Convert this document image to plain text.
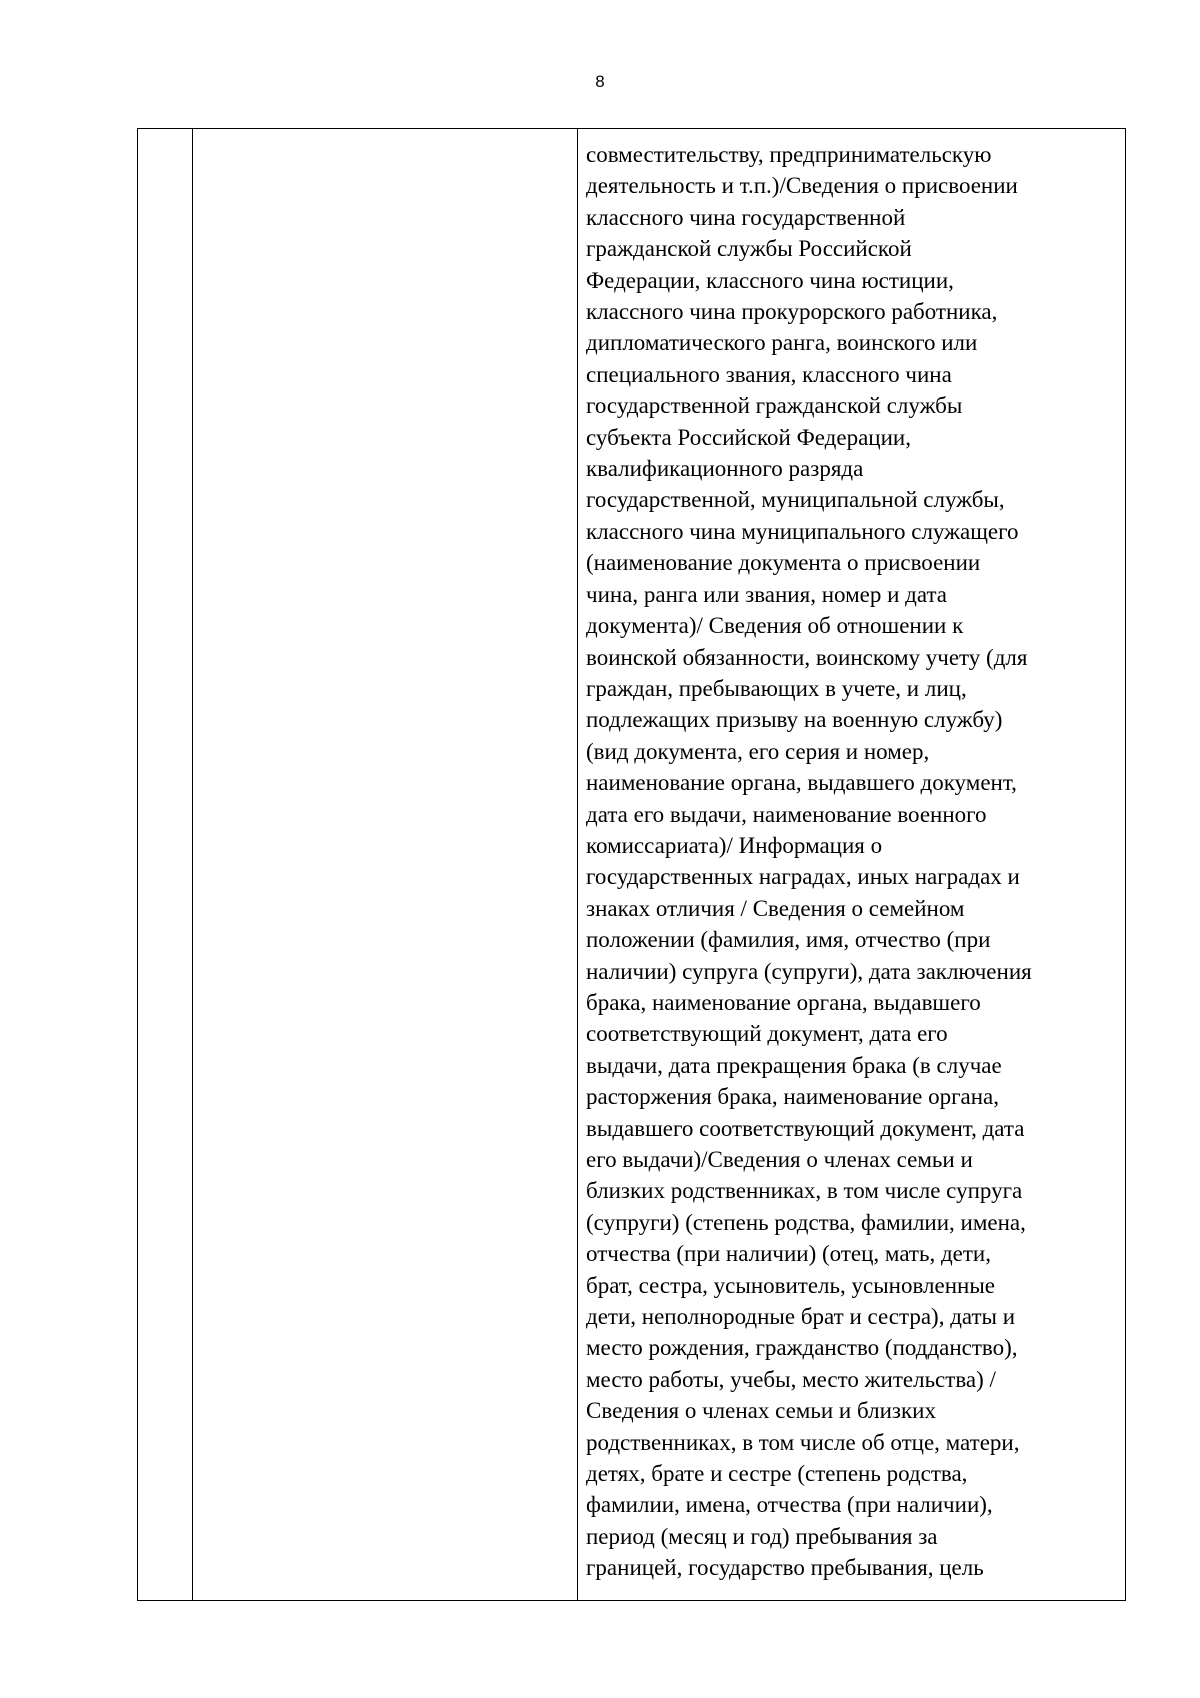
8

совместительству, предпринимательскую
деятельность и т.п.)/Сведения о присвоении
классного чина государственной
гражданской службы Российской
Федерации, классного чина юстиции,
классного чина прокурорского работника,
дипломатического ранга, воинского или
специального звания, классного чина
государственной гражданской службы
субъекта Российской Федерации,
квалификационного разряда
государственной, муниципальной службы,
классного чина муниципального служащего
(наименование документа о присвоении
чина, ранга или звания, номер и дата
документа)/ Сведения об отношении к
воинской обязанности, воинскому учету (для
граждан, пребывающих в учете, и лиц,
подлежащих призыву на военную службу)
(вид документа, его серия и номер,
наименование органа, выдавшего документ,
дата его выдачи, наименование военного
комиссариата)/ Информация о
государственных наградах, иных наградах и
знаках отличия / Сведения о семейном
положении (фамилия, имя, отчество (при
наличии) супруга (супруги), дата заключения
брака, наименование органа, выдавшего
соответствующий документ, дата его
выдачи, дата прекращения брака (в случае
расторжения брака, наименование органа,
выдавшего соответствующий документ, дата
его выдачи)/Сведения о членах семьи и
близких родственниках, в том числе супруга
(супруги) (степень родства, фамилии, имена,
отчества (при наличии) (отец, мать, дети,
брат, сестра, усыновитель, усыновленные
дети, неполнородные брат и сестра), даты и
место рождения, гражданство (подданство),
место работы, учебы, место жительства) /
Сведения о членах семьи и близких
родственниках, в том числе об отце, матери,
детях, брате и сестре (степень родства,
фамилии, имена, отчества (при наличии),
период (месяц и год) пребывания за
границей, государство пребывания, цель
